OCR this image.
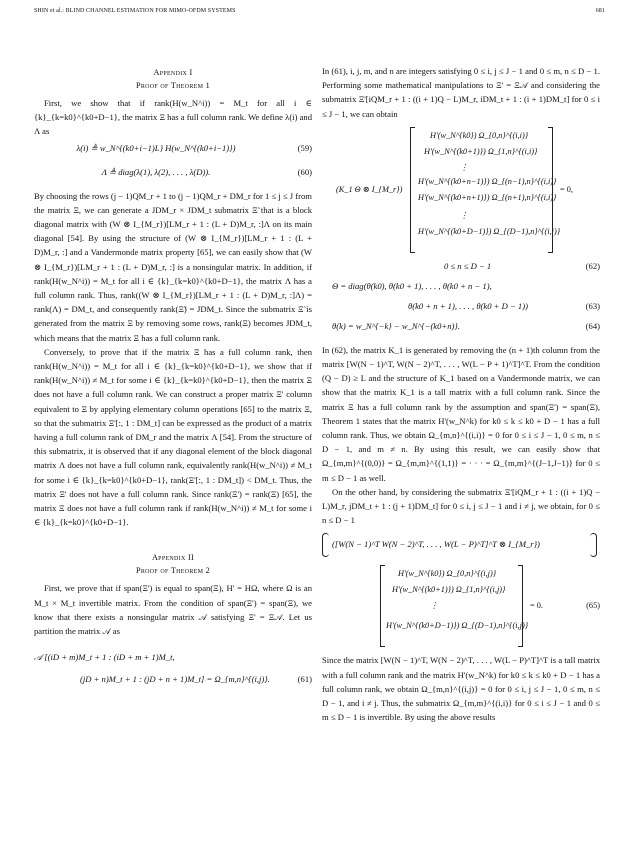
SHIN et al.: BLIND CHANNEL ESTIMATION FOR MIMO-OFDM SYSTEMS	681
Appendix I
Proof of Theorem 1

First, we show that if rank(H(w_N^i)) = M_t for all i ∈ {k}_{k=k0}^{k0+D−1}, the matrix Ξ has a full column rank. We define λ(i) and Λ as

λ(i) ≜ w_N^{(k0+i−1)L} H(w_N^{(k0+i−1)})	(59)
Λ ≜ diag(λ(1), λ(2), . . . , λ(D)).	(60)

By choosing the rows (j − 1)QM_r + 1 to (j − 1)QM_r + DM_r for 1 ≤ j ≤ J from the matrix Ξ, we can generate a JDM_r × JDM_t submatrix Ξ̃ that is a block diagonal matrix with (W ⊗ I_{M_r})[LM_r + 1 : (L + D)M_r, :]Λ on its main diagonal [54]. By using the structure of (W ⊗ I_{M_r})[LM_r + 1 : (L + D)M_r, :] and a Vandermonde matrix property [65], we can easily show that (W ⊗ I_{M_r})[LM_r + 1 : (L + D)M_r, :] is a nonsingular matrix. In addition, if rank(H(w_N^i)) = M_t for all i ∈ {k}_{k=k0}^{k0+D−1}, the matrix Λ has a full column rank. Thus, rank((W ⊗ I_{M_r})[LM_r + 1 : (L + D)M_r, :]Λ) = rank(Λ) = DM_t, and consequently rank(Ξ̃) = JDM_t. Since the submatrix Ξ̃ is generated from the matrix Ξ by removing some rows, rank(Ξ) becomes JDM_t, which means that the matrix Ξ has a full column rank.

Conversely, to prove that if the matrix Ξ has a full column rank, then rank(H(w_N^i)) = M_t for all i ∈ {k}_{k=k0}^{k0+D−1}, we show that if rank(H(w_N^i)) ≠ M_t for some i ∈ {k}_{k=k0}^{k0+D−1}, then the matrix Ξ does not have a full column rank. We can construct a proper matrix Ξ' column equivalent to Ξ by applying elementary column operations [65] to the matrix Ξ, so that the submatrix Ξ'[:, 1 : DM_t] can be expressed as the product of a matrix having a full column rank of DM_r and the matrix Λ [54]. From the structure of this submatrix, it is observed that if any diagonal element of the block diagonal matrix Λ does not have a full column rank, equivalently rank(H(w_N^i)) ≠ M_t for some i ∈ {k}_{k=k0}^{k0+D−1}, rank(Ξ'[:, 1 : DM_t]) < DM_t. Thus, the matrix Ξ' does not have a full column rank. Since rank(Ξ') = rank(Ξ) [65], the matrix Ξ does not have a full column rank if rank(H(w_N^i)) ≠ M_t for some i ∈ {k}_{k=k0}^{k0+D−1}.

Appendix II
Proof of Theorem 2

First, we prove that if span(Ξ') is equal to span(Ξ), H' = HΩ, where Ω is an M_t × M_t invertible matrix. From the condition of span(Ξ') = span(Ξ), we know that there exists a nonsingular matrix 𝒜 satisfying Ξ' = Ξ𝒜. Let us partition the matrix 𝒜 as

𝒜 [(iD + m)M_t + 1 : (iD + m + 1)M_t,
(jD + n)M_t + 1 : (jD + n + 1)M_t] = Ω_{m,n}^{(i,j)}.	(61)

In (61), i, j, m, and n are integers satisfying 0 ≤ i, j ≤ J − 1 and 0 ≤ m, n ≤ D − 1. Performing some mathematical manipulations to Ξ' = Ξ𝒜 and considering the submatrix Ξ'[iQM_r + 1 : ((i + 1)Q − L)M_r, iDM_t + 1 : (i + 1)DM_t] for 0 ≤ i ≤ J − 1, we can obtain

(K_1 Θ ⊗ I_{M_r})
H'(w_N^{k0}) Ω_{0,n}^{(i,i)}
H'(w_N^{(k0+1)}) Ω_{1,n}^{(i,i)}
⋮
H'(w_N^{(k0+n−1)}) Ω_{(n−1),n}^{(i,i)}
H'(w_N^{(k0+n+1)}) Ω_{(n+1),n}^{(i,i)}
⋮
H'(w_N^{(k0+D−1)}) Ω_{(D−1),n}^{(i,i)}
= 0,
0 ≤ n ≤ D − 1	(62)
Θ = diag(θ(k0), θ(k0 + 1), . . . , θ(k0 + n − 1),
θ(k0 + n + 1), . . . , θ(k0 + D − 1))	(63)
θ(k) = w_N^{−k} − w_N^{−(k0+n)}.	(64)

In (62), the matrix K_1 is generated by removing the (n + 1)th column from the matrix [W(N − 1)^T, W(N − 2)^T, . . . , W(L − P + 1)^T]^T. From the condition (Q − D) ≥ L and the structure of K_1 based on a Vandermonde matrix, we can show that the matrix K_1 is a tall matrix with a full column rank. Since the matrix Ξ has a full column rank by the assumption and span(Ξ') = span(Ξ), Theorem 1 states that the matrix H'(w_N^k) for k0 ≤ k ≤ k0 + D − 1 has a full column rank. Thus, we obtain Ω_{m,n}^{(i,i)} = 0 for 0 ≤ i ≤ J − 1, 0 ≤ m, n ≤ D − 1, and m ≠ n. By using this result, we can easily show that Ω_{m,m}^{(0,0)} = Ω_{m,m}^{(1,1)} = · · · = Ω_{m,m}^{(J−1,J−1)} for 0 ≤ m ≤ D − 1 as well.

On the other hand, by considering the submatrix Ξ'[iQM_r + 1 : ((i + 1)Q − L)M_r, jDM_t + 1 : (j + 1)DM_t] for 0 ≤ i, j ≤ J − 1 and i ≠ j, we obtain, for 0 ≤ n ≤ D − 1

([W(N − 1)^T W(N − 2)^T, . . . , W(L − P)^T]^T ⊗ I_{M_r})
H'(w_N^{k0}) Ω_{0,n}^{(i,j)}
H'(w_N^{(k0+1)}) Ω_{1,n}^{(i,j)}
⋮
H'(w_N^{(k0+D−1)}) Ω_{(D−1),n}^{(i,j)}
= 0.	(65)

Since the matrix [W(N − 1)^T, W(N − 2)^T, . . . , W(L − P)^T]^T is a tall matrix with a full column rank and the matrix H'(w_N^k) for k0 ≤ k ≤ k0 + D − 1 has a full column rank, we obtain Ω_{m,n}^{(i,j)} = 0 for 0 ≤ i, j ≤ J − 1, 0 ≤ m, n ≤ D − 1, and i ≠ j. Thus, the submatrix Ω_{m,m}^{(i,i)} for 0 ≤ i ≤ J − 1 and 0 ≤ m ≤ D − 1 is invertible. By using the above results
